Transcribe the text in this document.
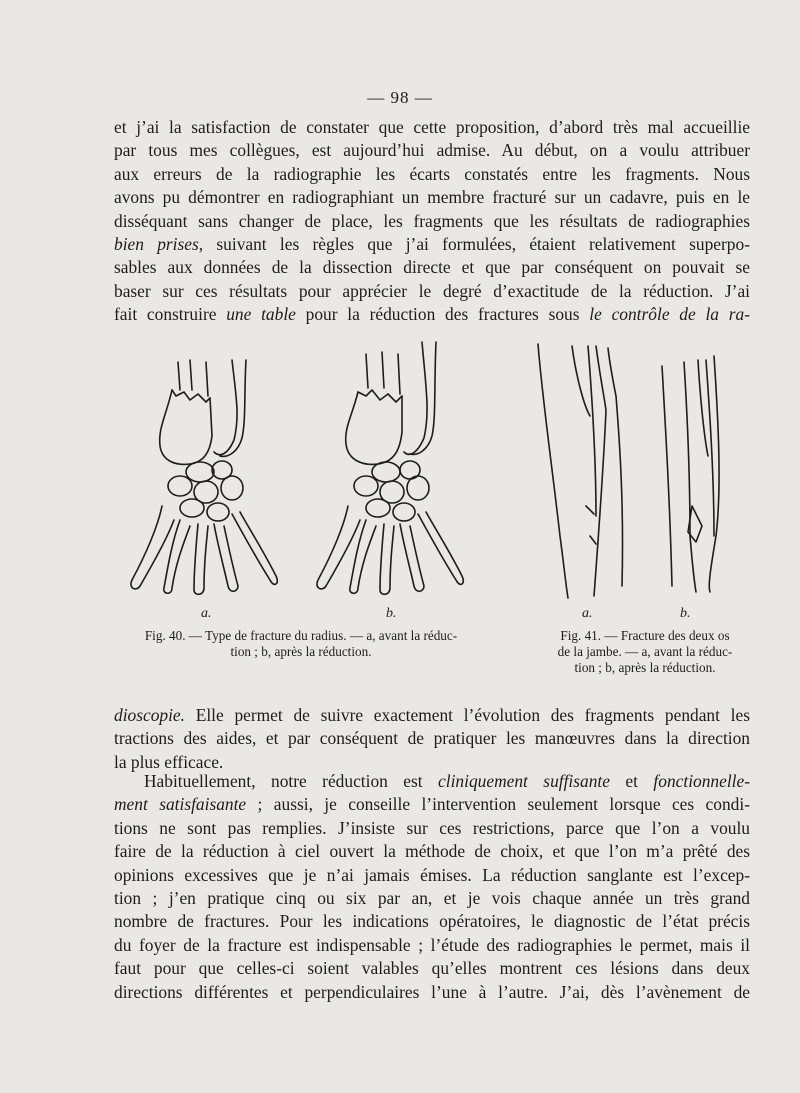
— 98 —
et j’ai la satisfaction de constater que cette proposition, d’abord très mal accueillie
par tous mes collègues, est aujourd’hui admise. Au début, on a voulu attribuer
aux erreurs de la radiographie les écarts constatés entre les fragments. Nous
avons pu démontrer en radiographiant un membre fracturé sur un cadavre, puis en le
disséquant sans changer de place, les fragments que les résultats de radiographies
bien prises, suivant les règles que j’ai formulées, étaient relativement superpo-
sables aux données de la dissection directe et que par conséquent on pouvait se
baser sur ces résultats pour apprécier le degré d’exactitude de la réduction. J’ai
fait construire une table pour la réduction des fractures sous le contrôle de la ra-
a.	b.	a.	b.
Fig. 40. — Type de fracture du radius. — a, avant la réduc-
tion ; b, après la réduction.
Fig. 41. — Fracture des deux os
de la jambe. — a, avant la réduc-
tion ; b, après la réduction.
dioscopie. Elle permet de suivre exactement l’évolution des fragments pendant les
tractions des aides, et par conséquent de pratiquer les manœuvres dans la direction
la plus efficace.
Habituellement, notre réduction est cliniquement suffisante et fonctionnelle-
ment satisfaisante ; aussi, je conseille l’intervention seulement lorsque ces condi-
tions ne sont pas remplies. J’insiste sur ces restrictions, parce que l’on a voulu
faire de la réduction à ciel ouvert la méthode de choix, et que l’on m’a prêté des
opinions excessives que je n’ai jamais émises. La réduction sanglante est l’excep-
tion ; j’en pratique cinq ou six par an, et je vois chaque année un très grand
nombre de fractures. Pour les indications opératoires, le diagnostic de l’état précis
du foyer de la fracture est indispensable ; l’étude des radiographies le permet, mais il
faut pour que celles-ci soient valables qu’elles montrent ces lésions dans deux
directions différentes et perpendiculaires l’une à l’autre. J’ai, dès l’avènement de
